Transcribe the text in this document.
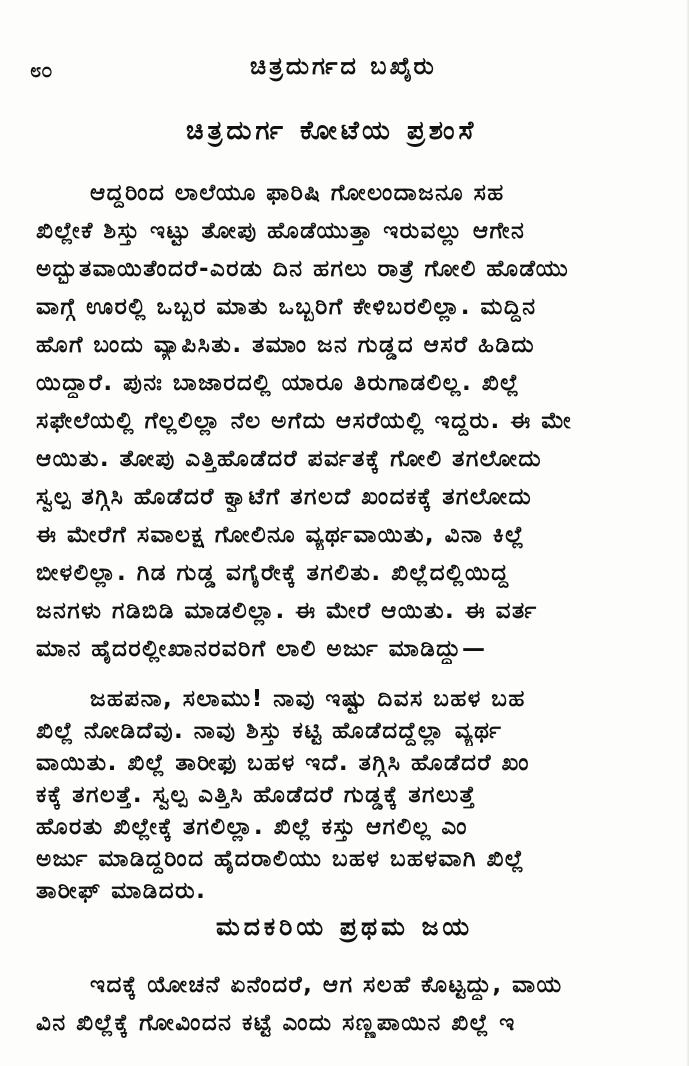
೮೦	ಚಿತ್ರದುರ್ಗದ ಬಖೈರು
ಚಿತ್ರದುರ್ಗ ಕೋಟೆಯ ಪ್ರಶಂಸೆ
ಆದ್ದರಿಂದ ಲಾಲೆಯೂ ಫಾರಿಷಿ ಗೋಲಂದಾಜನೂ ಸಹ
ಖಿಲ್ಲೇಕೆ ಶಿಸ್ತು ಇಟ್ಟು ತೋಪು ಹೊಡೆಯುತ್ತಾ ಇರುವಲ್ಲು ಆಗೇನ
ಅದ್ಭುತವಾಯಿತೆಂದರೆ-ಎರಡು ದಿನ ಹಗಲು ರಾತ್ರೆ ಗೋಲಿ ಹೊಡೆಯು
ವಾಗ್ಗೆ ಊರಲ್ಲಿ ಒಬ್ಬರ ಮಾತು ಒಬ್ಬರಿಗೆ ಕೇಳಿಬರಲಿಲ್ಲಾ. ಮದ್ದಿನ
ಹೊಗೆ ಬಂದು ವ್ಯಾಪಿಸಿತು. ತಮಾಂ ಜನ ಗುಡ್ಡದ ಆಸರೆ ಹಿಡಿದು
ಯಿದ್ದಾರೆ. ಪುನಃ ಬಾಜಾರದಲ್ಲಿ ಯಾರೂ ತಿರುಗಾಡಲಿಲ್ಲ. ಖಿಲ್ಲೆ
ಸಫೇಲೆಯಲ್ಲಿ ಗೆಲ್ಲಲಿಲ್ಲಾ ನೆಲ ಅಗೆದು ಆಸರೆಯಲ್ಲಿ ಇದ್ದರು. ಈ ಮೇ
ಆಯಿತು. ತೋಪು ಎತ್ತಿಹೊಡೆದರೆ ಪರ್ವತಕ್ಕೆ ಗೋಲಿ ತಗಲೋದು
ಸ್ವಲ್ಪ ತಗ್ಗಿಸಿ ಹೊಡೆದರೆ ಕ್ವಾಟೆಗೆ ತಗಲದೆ ಖಂದಕಕ್ಕೆ ತಗಲೋದು
ಈ ಮೇರೆಗೆ ಸವಾಲಕ್ಷ ಗೋಲಿನೂ ವ್ಯರ್ಥವಾಯಿತು, ವಿನಾ ಕಿಲ್ಲೆ
ಬೀಳಲಿಲ್ಲಾ. ಗಿಡ ಗುಡ್ಡ ವಗೈರೇಕ್ಕೆ ತಗಲಿತು. ಖಿಲ್ಲೆದಲ್ಲಿಯಿದ್ದ
ಜನಗಳು ಗಡಿಬಿಡಿ ಮಾಡಲಿಲ್ಲಾ. ಈ ಮೇರೆ ಆಯಿತು. ಈ ವರ್ತ
ಮಾನ ಹೈದರಲ್ಲೀಖಾನರವರಿಗೆ ಲಾಲಿ ಅರ್ಜು ಮಾಡಿದ್ದು—
ಜಹಪನಾ, ಸಲಾಮು! ನಾವು ಇಷ್ಟು ದಿವಸ ಬಹಳ ಬಹ
ಖಿಲ್ಲೆ ನೋಡಿದೆವು. ನಾವು ಶಿಸ್ತು ಕಟ್ಟಿ ಹೊಡೆದದ್ದೆಲ್ಲಾ ವ್ಯರ್ಥ
ವಾಯಿತು. ಖಿಲ್ಲೆ ತಾರೀಫು ಬಹಳ ಇದೆ. ತಗ್ಗಿಸಿ ಹೊಡೆದರೆ ಖಂ
ಕಕ್ಕೆ ತಗಲತ್ತೆ. ಸ್ವಲ್ಪ ಎತ್ತಿಸಿ ಹೊಡೆದರೆ ಗುಡ್ಡಕ್ಕೆ ತಗಲುತ್ತೆ
ಹೊರತು ಖಿಲ್ಲೇಕ್ಕೆ ತಗಲಿಲ್ಲಾ. ಖಿಲ್ಲೆ ಕಸ್ತು ಆಗಲಿಲ್ಲ ಎಂ
ಅರ್ಜು ಮಾಡಿದ್ದರಿಂದ ಹೈದರಾಲಿಯು ಬಹಳ ಬಹಳವಾಗಿ ಖಿಲ್ಲೆ
ಮದಕರಿಯ ಪ್ರಥಮ ಜಯ
ಇದಕ್ಕೆ ಯೋಚನೆ ಏನೆಂದರೆ, ಆಗ ಸಲಹೆ ಕೊಟ್ಟದ್ದು, ವಾಯ
ವಿನ ಖಿಲ್ಲೆಕ್ಕೆ ಗೋವಿಂದನ ಕಟ್ಟೆ ಎಂದು ಸಣ್ಣಪಾಯಿನ ಖಿಲ್ಲೆ ಇ
ತಾರೀಫ್ ಮಾಡಿದರು.
